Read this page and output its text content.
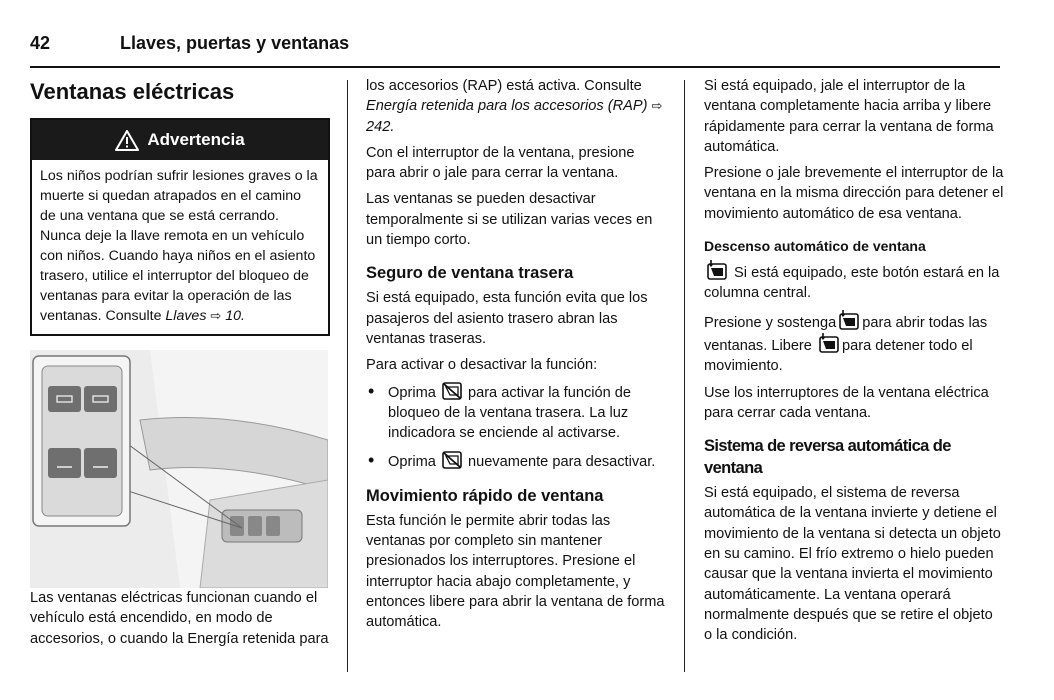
42	Llaves, puertas y ventanas
Ventanas eléctricas
Advertencia
Los niños podrían sufrir lesiones graves o la muerte si quedan atrapados en el camino de una ventana que se está cerrando. Nunca deje la llave remota en un vehículo con niños. Cuando haya niños en el asiento trasero, utilice el interruptor del bloqueo de ventanas para evitar la operación de las ventanas. Consulte Llaves ⇨ 10.

Las ventanas eléctricas funcionan cuando el vehículo está encendido, en modo de accesorios, o cuando la Energía retenida para

los accesorios (RAP) está activa. Consulte Energía retenida para los accesorios (RAP) ⇨ 242.

Con el interruptor de la ventana, presione para abrir o jale para cerrar la ventana.

Las ventanas se pueden desactivar temporalmente si se utilizan varias veces en un tiempo corto.

Seguro de ventana trasera

Si está equipado, esta función evita que los pasajeros del asiento trasero abran las ventanas traseras.

Para activar o desactivar la función:

• Oprima  para activar la función de bloqueo de la ventana trasera. La luz indicadora se enciende al activarse.
• Oprima  nuevamente para desactivar.
Movimiento rápido de ventana

Esta función le permite abrir todas las ventanas por completo sin mantener presionados los interruptores. Presione el interruptor hacia abajo completamente, y entonces libere para abrir la ventana de forma automática.

Si está equipado, jale el interruptor de la ventana completamente hacia arriba y libere rápidamente para cerrar la ventana de forma automática.

Presione o jale brevemente el interruptor de la ventana en la misma dirección para detener el movimiento automático de esa ventana.

Descenso automático de ventana

Si está equipado, este botón estará en la columna central.

Presione y sostenga para abrir todas las ventanas. Libere para detener todo el movimiento.

Use los interruptores de la ventana eléctrica para cerrar cada ventana.

Sistema de reversa automática de ventana

Si está equipado, el sistema de reversa automática de la ventana invierte y detiene el movimiento de la ventana si detecta un objeto en su camino. El frío extremo o hielo pueden causar que la ventana invierta el movimiento automáticamente. La ventana operará normalmente después que se retire el objeto o la condición.
